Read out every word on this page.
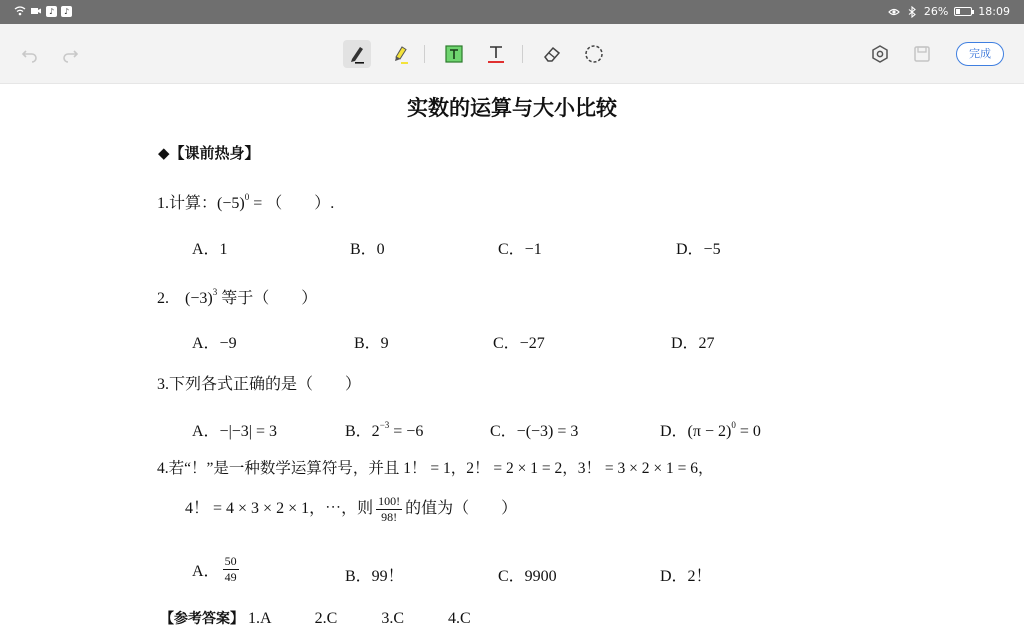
♪	♪	26%	18:09
完成
实数的运算与大小比较
◆【课前热身】
1.计算：$(-5)^0$ = （　　）.
A．1	B．0	C．−1	D．−5
2.　$(-3)^3$ 等于（　　）
A．−9	B．9	C．−27	D．27
3.下列各式正确的是（　　）
A．−|−3| = 3	B．$2^{-3} = -6$	C．−(−3) = 3	D．$(\pi - 2)^0 = 0$
4.若“！”是一种数学运算符号，并且 1！ = 1，2！ = 2 × 1 = 2，3！ = 3 × 2 × 1 = 6，
4！ = 4 × 3 × 2 × 1，⋯，则 $\frac{100!}{98!}$ 的值为（　　）
A． $\frac{50}{49}$	B．99！	C．9900	D．2！
【参考答案】 1.A	2.C	3.C	4.C
